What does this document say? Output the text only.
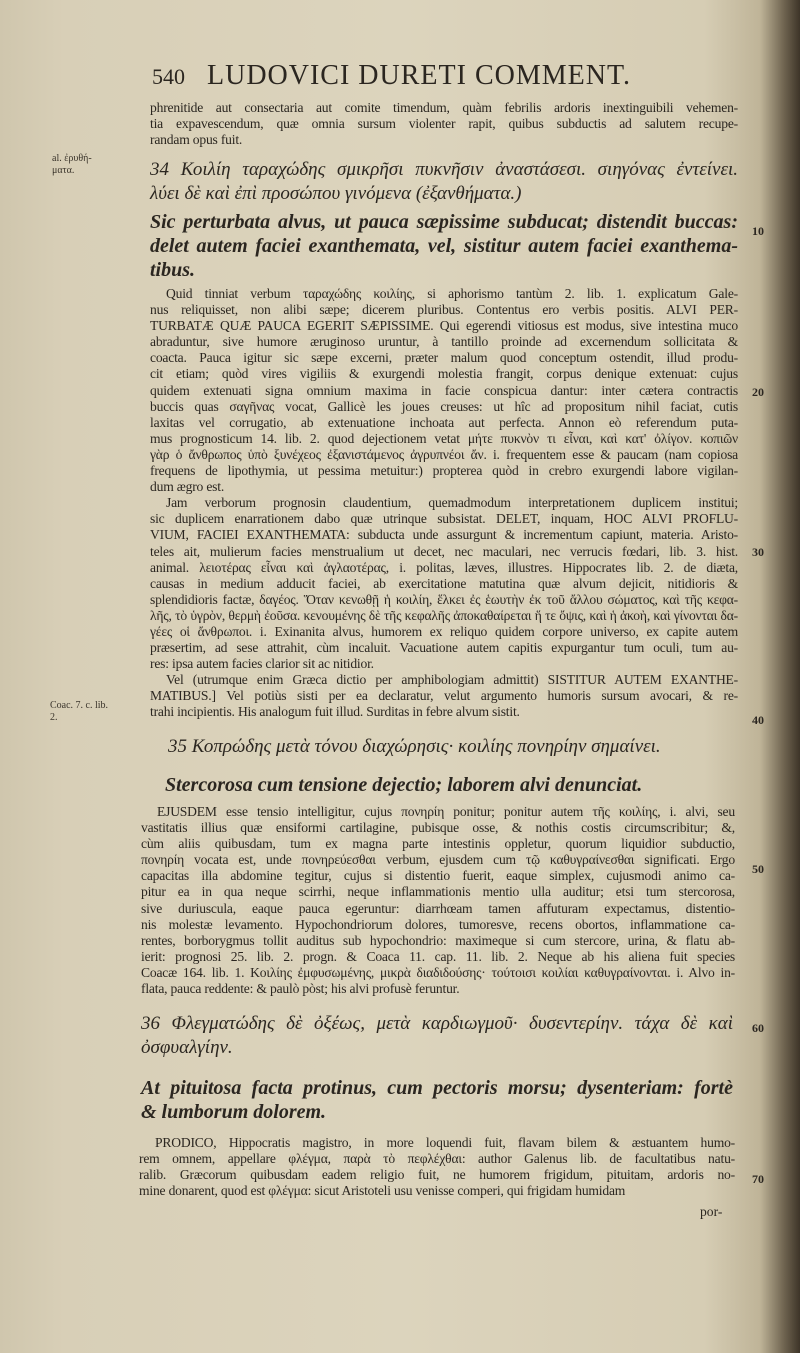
540 LUDOVICI DURETI COMMENT.
phrenitide aut consectaria aut comite timendum, quàm febrilis ardoris inextinguibili vehemen-
tia expavescendum, quæ omnia sursum violenter rapit, quibus subductis ad salutem recupe-
randam opus fuit.
34 Κοιλίη ταραχώδης σμικρῆσι πυκνῆσιν ἀναστάσεσι. σιηγόνας ἐντείνει.
λύει δὲ καὶ ἐπὶ προσώπου γινόμενα (ἐξανθήματα.)
Sic perturbata alvus, ut pauca sæpissime subducat; distendit buccas:
delet autem faciei exanthemata, vel, sistitur autem faciei exanthema-
tibus.
Quid tinniat verbum ταραχώδης κοιλίης, si aphorismo tantùm 2. lib. 1. explicatum Gale-
nus reliquisset, non alibi sæpe; dicerem pluribus. Contentus ero verbis positis. ALVI PER-
TURBATÆ QUÆ PAUCA EGERIT SÆPISSIME. Qui egerendi vitiosus est modus, sive intestina muco
abraduntur, sive humore æruginoso uruntur, à tantillo proinde ad excernendum sollicitata &
coacta. Pauca igitur sic sæpe excerni, præter malum quod conceptum ostendit, illud produ-
cit etiam; quòd vires vigiliis & exurgendi molestia frangit, corpus denique extenuat: cujus
quidem extenuati signa omnium maxima in facie conspicua dantur: inter cætera contractis
buccis quas σαγῆνας vocat, Gallicè les joues creuses: ut hîc ad propositum nihil faciat, cutis
laxitas vel corrugatio, ab extenuatione inchoata aut perfecta. Annon eò referendum puta-
mus prognosticum 14. lib. 2. quod dejectionem vetat μήτε πυκνὸν τι εἶναι, καὶ κατ' ὀλίγον. κοπιῶν
γὰρ ὁ ἄνθρωπος ὑπὸ ξυνέχεος ἐξανιστάμενος ἀγρυπνέοι ἄν. i. frequentem esse & paucam (nam copiosa
frequens de lipothymia, ut pessima metuitur:) propterea quòd in crebro exurgendi labore vigilan-
dum ægro est.
Jam verborum prognosin claudentium, quemadmodum interpretationem duplicem institui;
sic duplicem enarrationem dabo quæ utrinque subsistat. DELET, inquam, HOC ALVI PROFLU-
VIUM, FACIEI EXANTHEMATA: subducta unde assurgunt & incrementum capiunt, materia. Aristo-
teles ait, mulierum facies menstrualium ut decet, nec maculari, nec verrucis fœdari, lib. 3. hist.
animal. λειοτέρας εἶναι καὶ ἀγλαοτέρας, i. politas, læves, illustres. Hippocrates lib. 2. de diæta,
causas in medium adducit faciei, ab exercitatione matutina quæ alvum dejicit, nitidioris &
splendidioris factæ, δαγέος. Ὅταν κενωθῇ ἡ κοιλίη, ἕλκει ἐς ἑωυτὴν ἐκ τοῦ ἄλλου σώματος, καὶ τῆς κεφα-
λῆς, τὸ ὑγρὸν, θερμὴ ἐοῦσα. κενουμένης δὲ τῆς κεφαλῆς ἀποκαθαίρεται ἥ τε ὄψις, καὶ ἡ ἀκοὴ, καὶ γίνονται δα-
γέες οἱ ἄνθρωποι. i. Exinanita alvus, humorem ex reliquo quidem corpore universo, ex capite autem
præsertim, ad sese attrahit, cùm incaluit. Vacuatione autem capitis expurgantur tum oculi, tum au-
res: ipsa autem facies clarior sit ac nitidior.
Vel (utrumque enim Græca dictio per amphibologiam admittit) SISTITUR AUTEM EXANTHE-
MATIBUS.] Vel potiùs sisti per ea declaratur, velut argumento humoris sursum avocari, & re-
trahi incipientis. His analogum fuit illud. Surditas in febre alvum sistit.
35 Κοπρώδης μετὰ τόνου διαχώρησις· κοιλίης πονηρίην σημαίνει.
Stercorosa cum tensione dejectio; laborem alvi denunciat.
EJUSDEM esse tensio intelligitur, cujus πονηρίη ponitur; ponitur autem τῆς κοιλίης, i. alvi, seu
vastitatis illius quæ ensiformi cartilagine, pubisque osse, & nothis costis circumscribitur; &,
cùm aliis quibusdam, tum ex magna parte intestinis oppletur, quorum liquidior subductio,
πονηρίη vocata est, unde πονηρεύεσθαι verbum, ejusdem cum τῷ καθυγραίνεσθαι significati. Ergo
capacitas illa abdomine tegitur, cujus si distentio fuerit, eaque simplex, cujusmodi animo ca-
pitur ea in qua neque scirrhi, neque inflammationis mentio ulla auditur; etsi tum stercorosa,
sive duriuscula, eaque pauca egeruntur: diarrhœam tamen affuturam expectamus, distentio-
nis molestæ levamento. Hypochondriorum dolores, tumoresve, recens obortos, inflammatione ca-
rentes, borborygmus tollit auditus sub hypochondrio: maximeque si cum stercore, urina, & flatu ab-
ierit: prognosi 25. lib. 2. progn. & Coaca 11. cap. 11. lib. 2. Neque ab his aliena fuit species
Coacæ 164. lib. 1. Κοιλίης ἐμφυσωμένης, μικρὰ διαδιδούσης· τούτοισι κοιλίαι καθυγραίνονται. i. Alvo in-
flata, pauca reddente: & paulò pòst; his alvi profusè feruntur.
36 Φλεγματώδης δὲ ὀξέως, μετὰ καρδιωγμοῦ· δυσεντερίην. τάχα δὲ καὶ
ὀσφυαλγίην.
At pituitosa facta protinus, cum pectoris morsu; dysenteriam: fortè
& lumborum dolorem.
PRODICO, Hippocratis magistro, in more loquendi fuit, flavam bilem & æstuantem humo-
rem omnem, appellare φλέγμα, παρὰ τὸ πεφλέχθαι: author Galenus lib. de facultatibus natu-
ralib. Græcorum quibusdam eadem religio fuit, ne humorem frigidum, pituitam, ardoris no-
mine donarent, quod est φλέγμα: sicut Aristoteli usu venisse comperi, qui frigidam humidam
por-
al. ἐρυθή- ματα.
Coac. 7. c. lib. 2.
10
20
30
40
50
60
70
